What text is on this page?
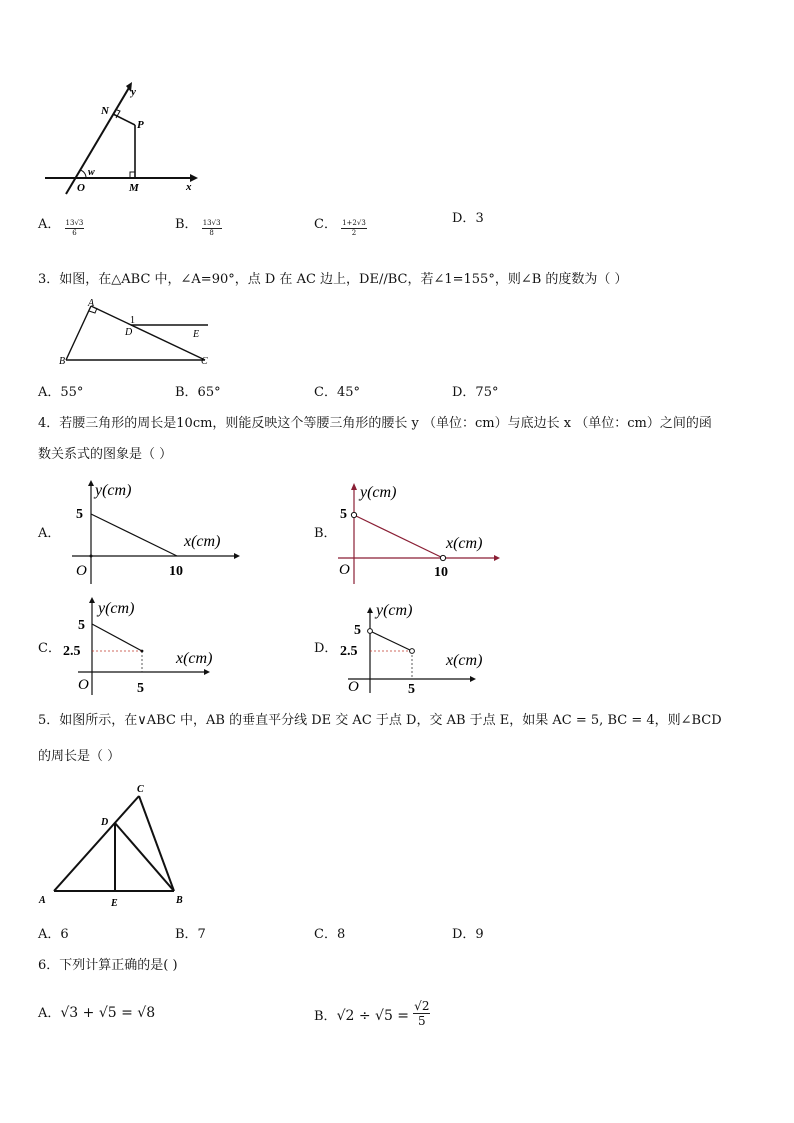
y
N
P
w
O	M	x
A． $\frac{13√3}{6}$	B． $\frac{13√3}{8}$	C． $\frac{1+2√3}{2}$
D．3
3．如图，在△ABC 中，∠A=90°，点 D 在 AC 边上，DE//BC，若∠1=155°，则∠B 的度数为（ ）
A
1
D	E
B	C
A．55°	B．65°	C．45°	D．75°
4．若腰三角形的周长是10cm，则能反映这个等腰三角形的腰长 y （单位：cm）与底边长 x （单位：cm）之间的函
数关系式的图象是（ ）
A．
y(cm)
x(cm)
5
O	10
B．
y(cm)
x(cm)
5
O	10
C．
y(cm)
x(cm)
5
2.5
O	5
D．
y(cm)
x(cm)
5
2.5
O	5
5．如图所示，在∨ABC 中，AB 的垂直平分线 DE 交 AC 于点 D，交 AB 于点 E，如果 AC = 5, BC = 4，则∠BCD
的周长是（ ）
C
D
A	E	B
A．6	B．7	C．8	D．9
6．下列计算正确的是( )
A．√3 + √5 = √8	B．$√2 \div √5 = \frac{√2}{5}$
